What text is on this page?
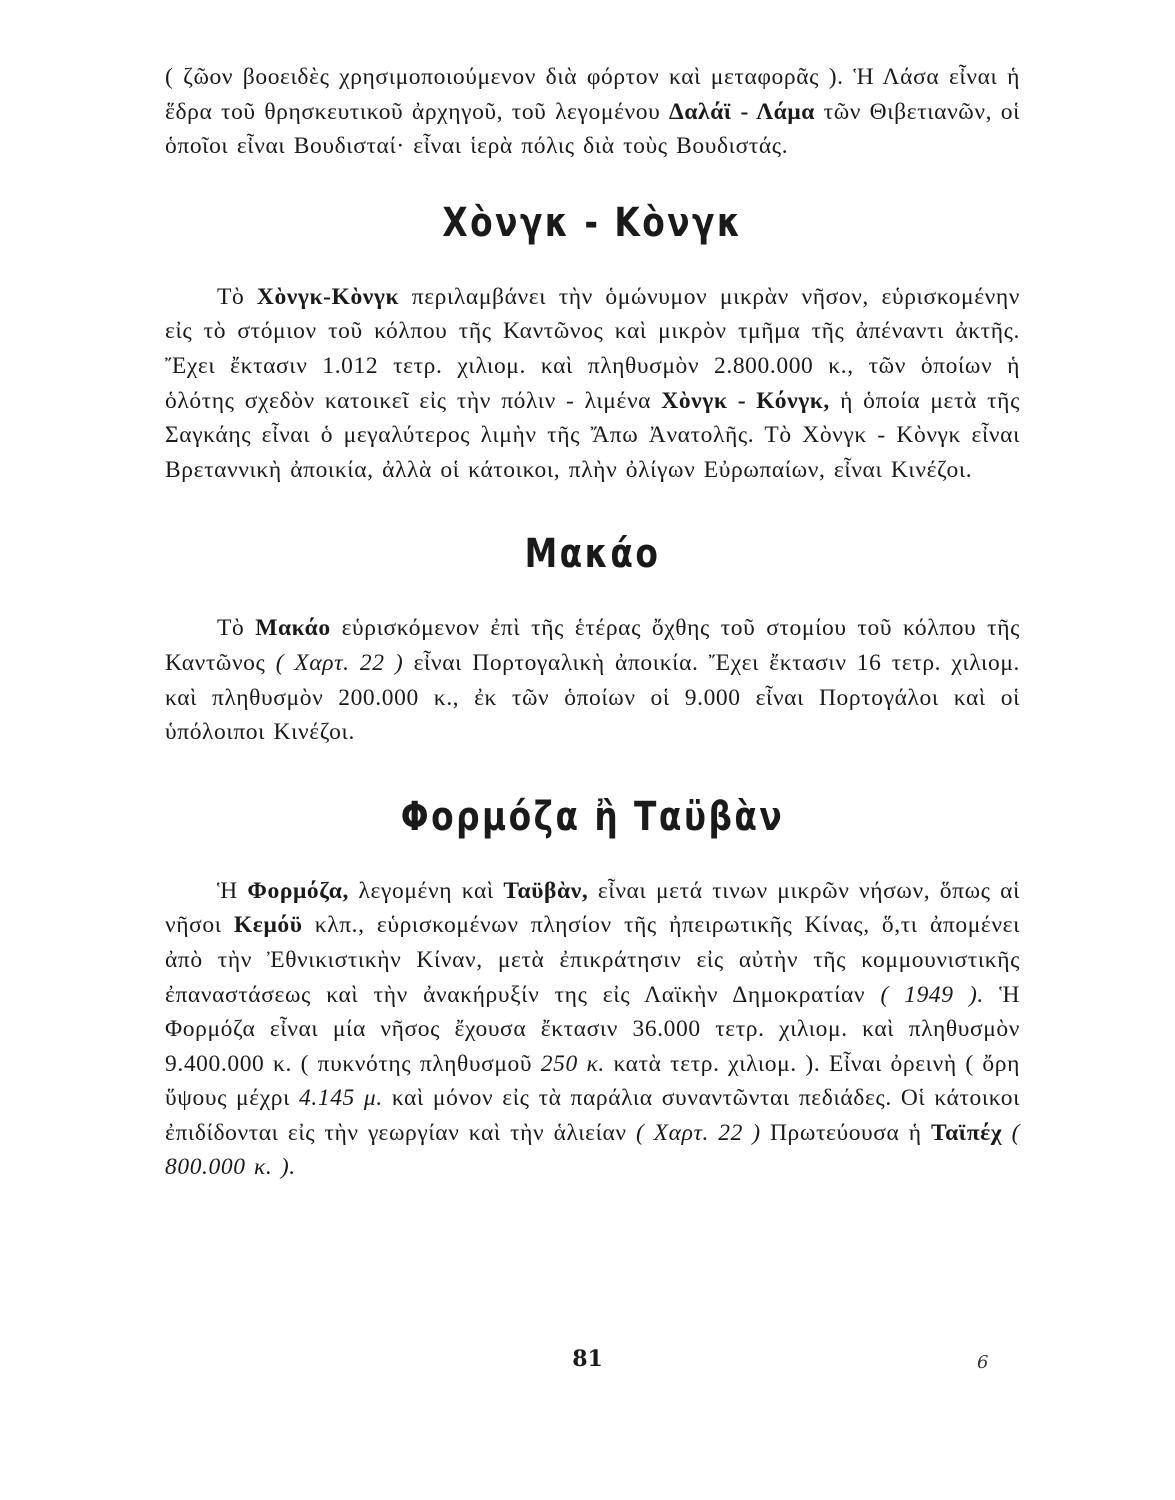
( ζῶον βοοειδὲς χρησιμοποιούμενον διὰ φόρτον καὶ μεταφορᾶς ). Ἡ Λάσα εἶναι ἡ ἕδρα τοῦ θρησκευτικοῦ ἀρχηγοῦ, τοῦ λεγομένου Δαλάϊ - Λάμα τῶν Θιβετιανῶν, οἱ ὁποῖοι εἶναι Βουδισταί· εἶναι ἱερὰ πόλις διὰ τοὺς Βουδιστάς.

Χὸνγκ - Κὸνγκ

Τὸ Χὸνγκ-Κὸνγκ περιλαμβάνει τὴν ὁμώνυμον μικρὰν νῆσον, εὑρισκομένην εἰς τὸ στόμιον τοῦ κόλπου τῆς Καντῶνος καὶ μικρὸν τμῆμα τῆς ἀπέναντι ἀκτῆς. Ἔχει ἔκτασιν 1.012 τετρ. χιλιομ. καὶ πληθυσμὸν 2.800.000 κ., τῶν ὁποίων ἡ ὁλότης σχεδὸν κατοικεῖ εἰς τὴν πόλιν - λιμένα Χὸνγκ - Κόνγκ, ἡ ὁποία μετὰ τῆς Σαγκάης εἶναι ὁ μεγαλύτερος λιμὴν τῆς Ἄπω Ἀνατολῆς. Τὸ Χὸνγκ - Κὸνγκ εἶναι Βρεταννικὴ ἀποικία, ἀλλὰ οἱ κάτοικοι, πλὴν ὀλίγων Εὐρωπαίων, εἶναι Κινέζοι.

Μακάο

Τὸ Μακάο εὑρισκόμενον ἐπὶ τῆς ἑτέρας ὄχθης τοῦ στομίου τοῦ κόλπου τῆς Καντῶνος ( Χαρτ. 22 ) εἶναι Πορτογαλικὴ ἀποικία. Ἔχει ἔκτασιν 16 τετρ. χιλιομ. καὶ πληθυσμὸν 200.000 κ., ἐκ τῶν ὁποίων οἱ 9.000 εἶναι Πορτογάλοι καὶ οἱ ὑπόλοιποι Κινέζοι.

Φορμόζα ἢ Ταϋβὰν

Ἡ Φορμόζα, λεγομένη καὶ Ταϋβὰν, εἶναι μετά τινων μικρῶν νήσων, ὅπως αἱ νῆσοι Κεμόϋ κλπ., εὑρισκομένων πλησίον τῆς ἠπειρωτικῆς Κίνας, ὅ,τι ἀπομένει ἀπὸ τὴν Ἐθνικιστικὴν Κίναν, μετὰ ἐπικράτησιν εἰς αὐτὴν τῆς κομμουνιστικῆς ἐπαναστάσεως καὶ τὴν ἀνακήρυξίν της εἰς Λαϊκὴν Δημοκρατίαν ( 1949 ). Ἡ Φορμόζα εἶναι μία νῆσος ἔχουσα ἔκτασιν 36.000 τετρ. χιλιομ. καὶ πληθυσμὸν 9.400.000 κ. ( πυκνότης πληθυσμοῦ 250 κ. κατὰ τετρ. χιλιομ. ). Εἶναι ὀρεινὴ ( ὄρη ὕψους μέχρι 4.145 μ. καὶ μόνον εἰς τὰ παράλια συναντῶνται πεδιάδες. Οἱ κάτοικοι ἐπιδίδονται εἰς τὴν γεωργίαν καὶ τὴν ἁλιείαν ( Χαρτ. 22 ) Πρωτεύουσα ἡ Ταϊπέχ ( 800.000 κ. ).

81	6
